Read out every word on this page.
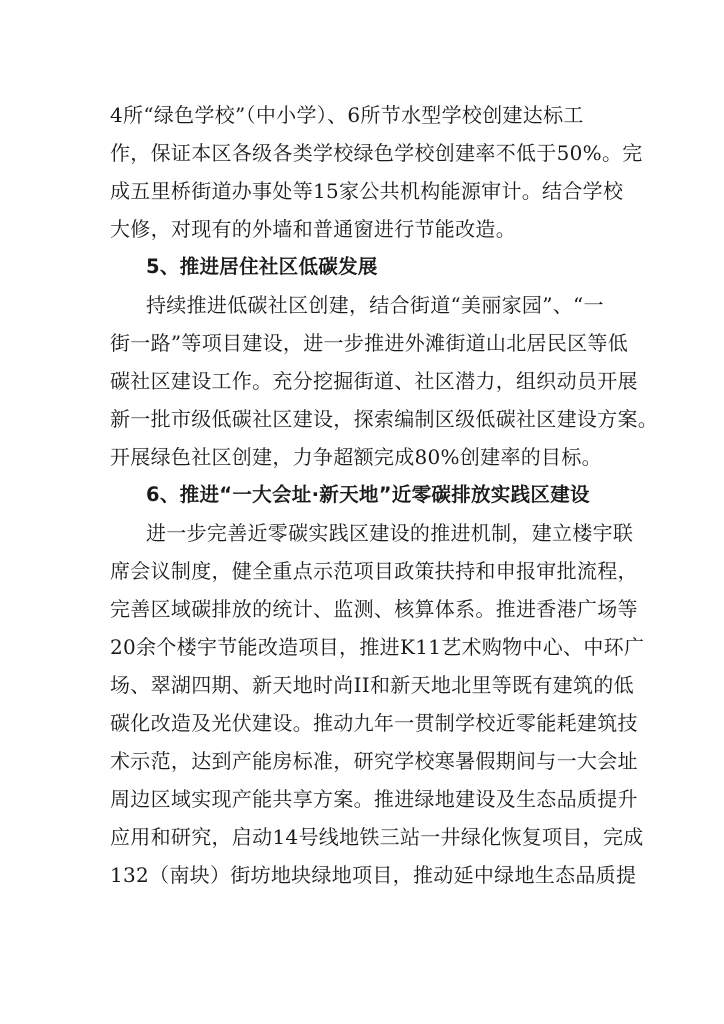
4所“绿色学校”（中小学）、6所节水型学校创建达标工
作，保证本区各级各类学校绿色学校创建率不低于50%。完
成五里桥街道办事处等15家公共机构能源审计。结合学校
大修，对现有的外墙和普通窗进行节能改造。
5、推进居住社区低碳发展
持续推进低碳社区创建，结合街道“美丽家园”、“一
街一路”等项目建设，进一步推进外滩街道山北居民区等低
碳社区建设工作。充分挖掘街道、社区潜力，组织动员开展
新一批市级低碳社区建设，探索编制区级低碳社区建设方案。
开展绿色社区创建，力争超额完成80%创建率的目标。
6、推进“一大会址·新天地”近零碳排放实践区建设
进一步完善近零碳实践区建设的推进机制，建立楼宇联
席会议制度，健全重点示范项目政策扶持和申报审批流程，
完善区域碳排放的统计、监测、核算体系。推进香港广场等
20余个楼宇节能改造项目，推进K11艺术购物中心、中环广
场、翠湖四期、新天地时尚II和新天地北里等既有建筑的低
碳化改造及光伏建设。推动九年一贯制学校近零能耗建筑技
术示范，达到产能房标准，研究学校寒暑假期间与一大会址
周边区域实现产能共享方案。推进绿地建设及生态品质提升
应用和研究，启动14号线地铁三站一井绿化恢复项目，完成
132（南块）街坊地块绿地项目，推动延中绿地生态品质提
